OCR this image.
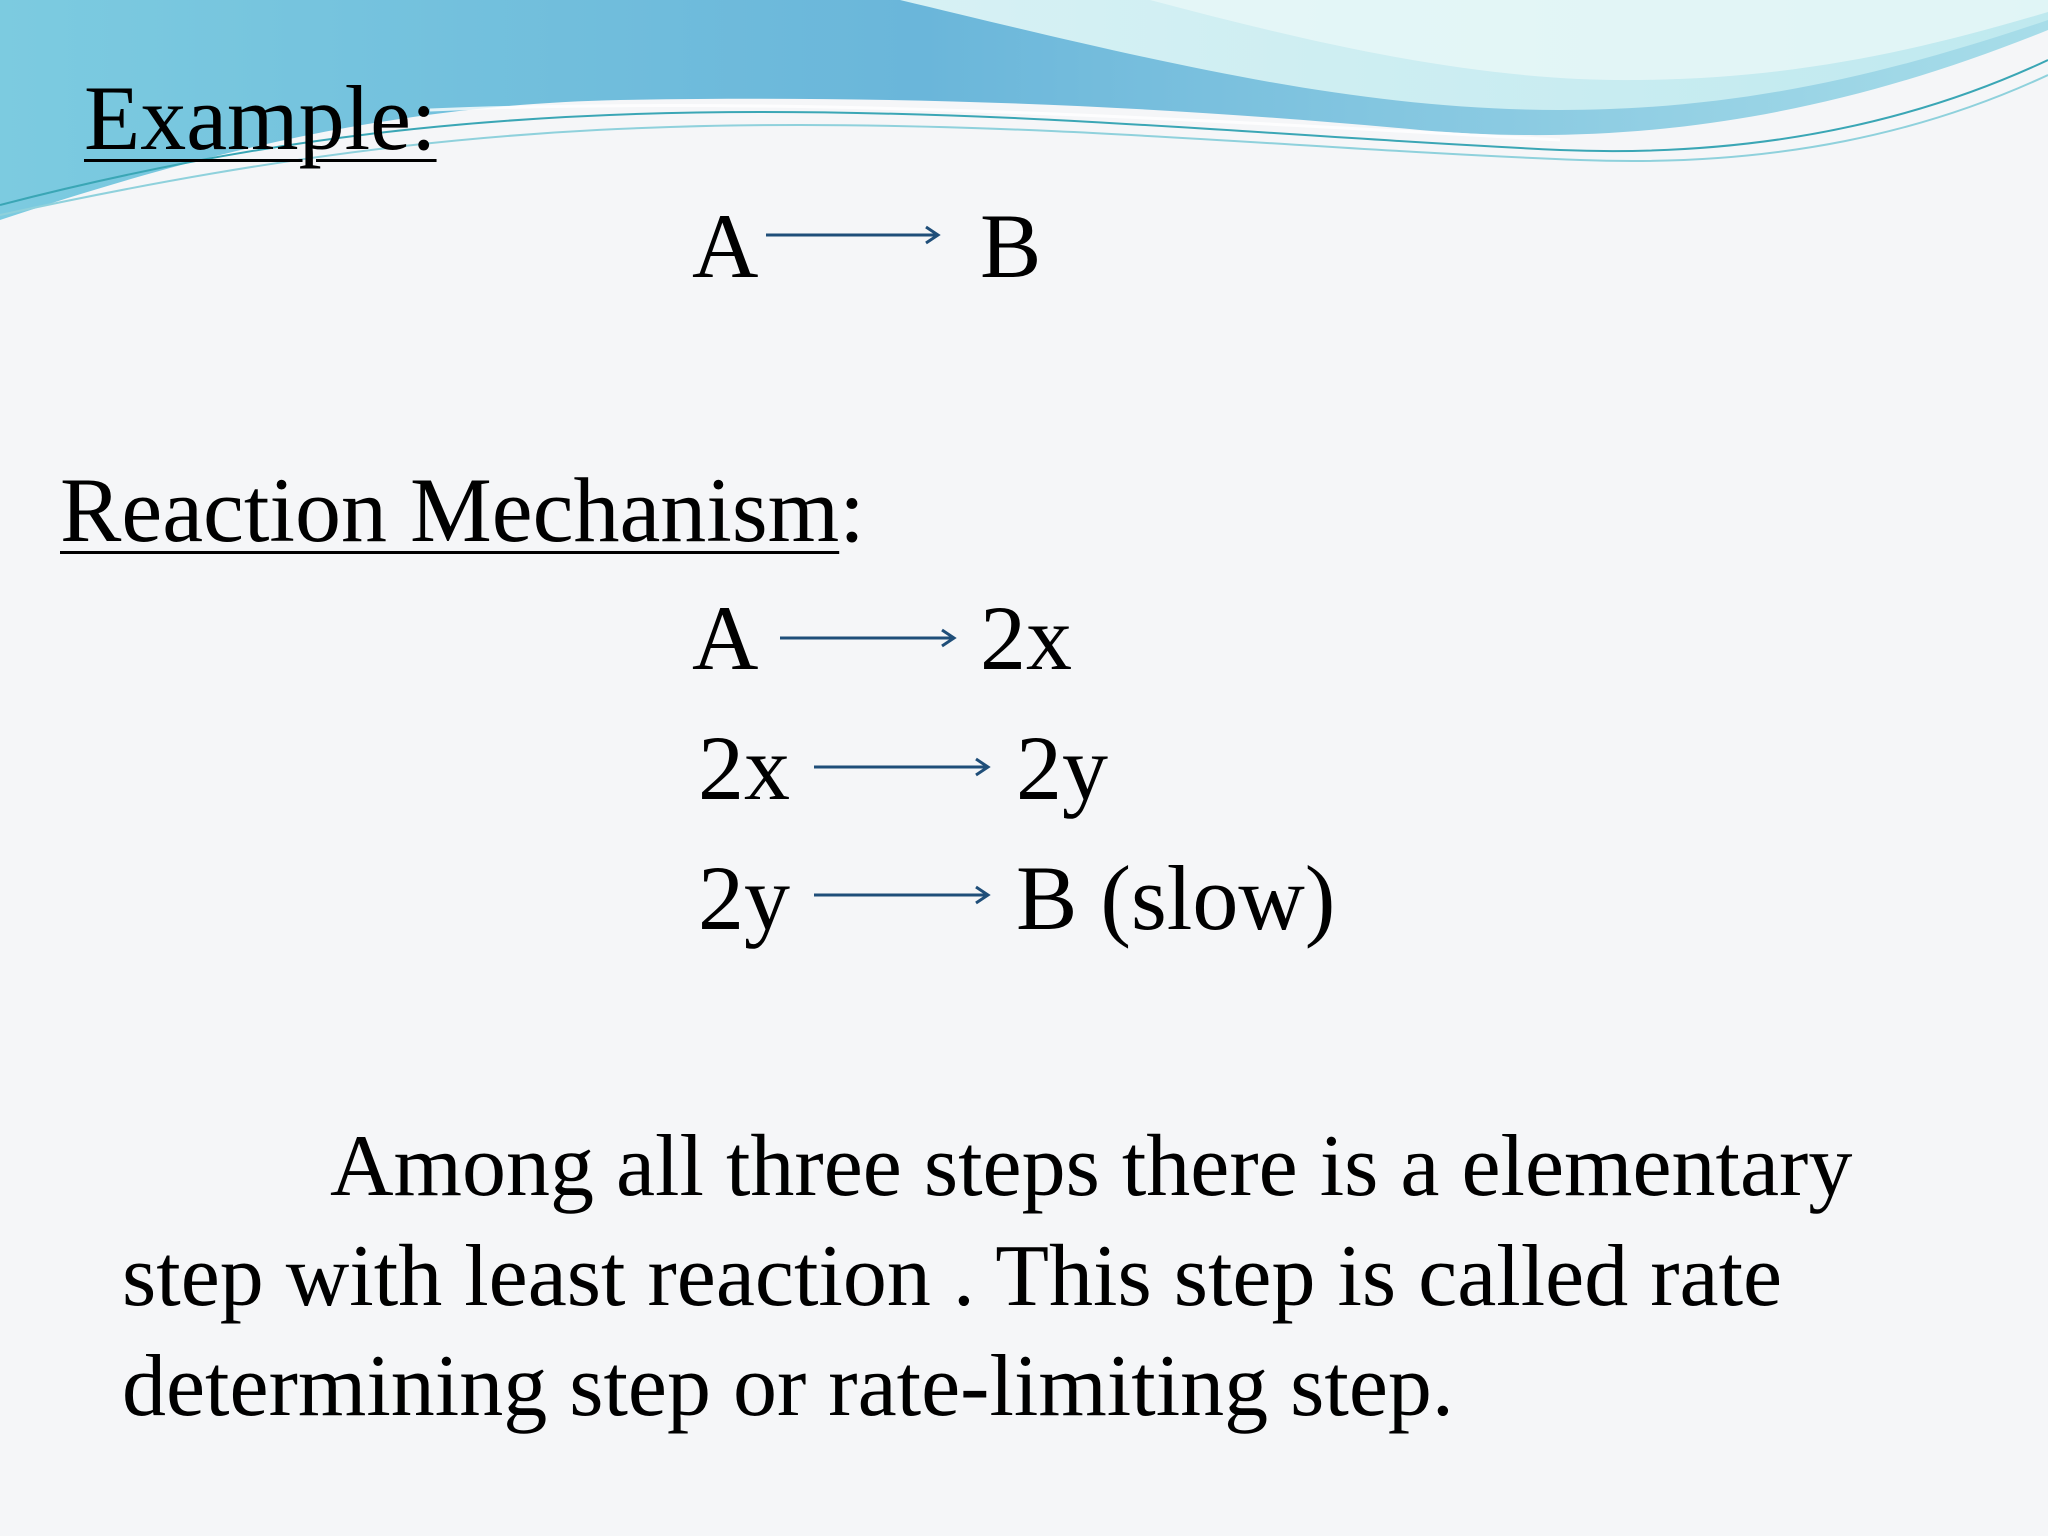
Example:
A B
Reaction Mechanism:
A 2x
2x 2y
2y B (slow)
Among all three steps there is a elementary
step with least reaction . This step is called rate
determining step or rate-limiting step.
